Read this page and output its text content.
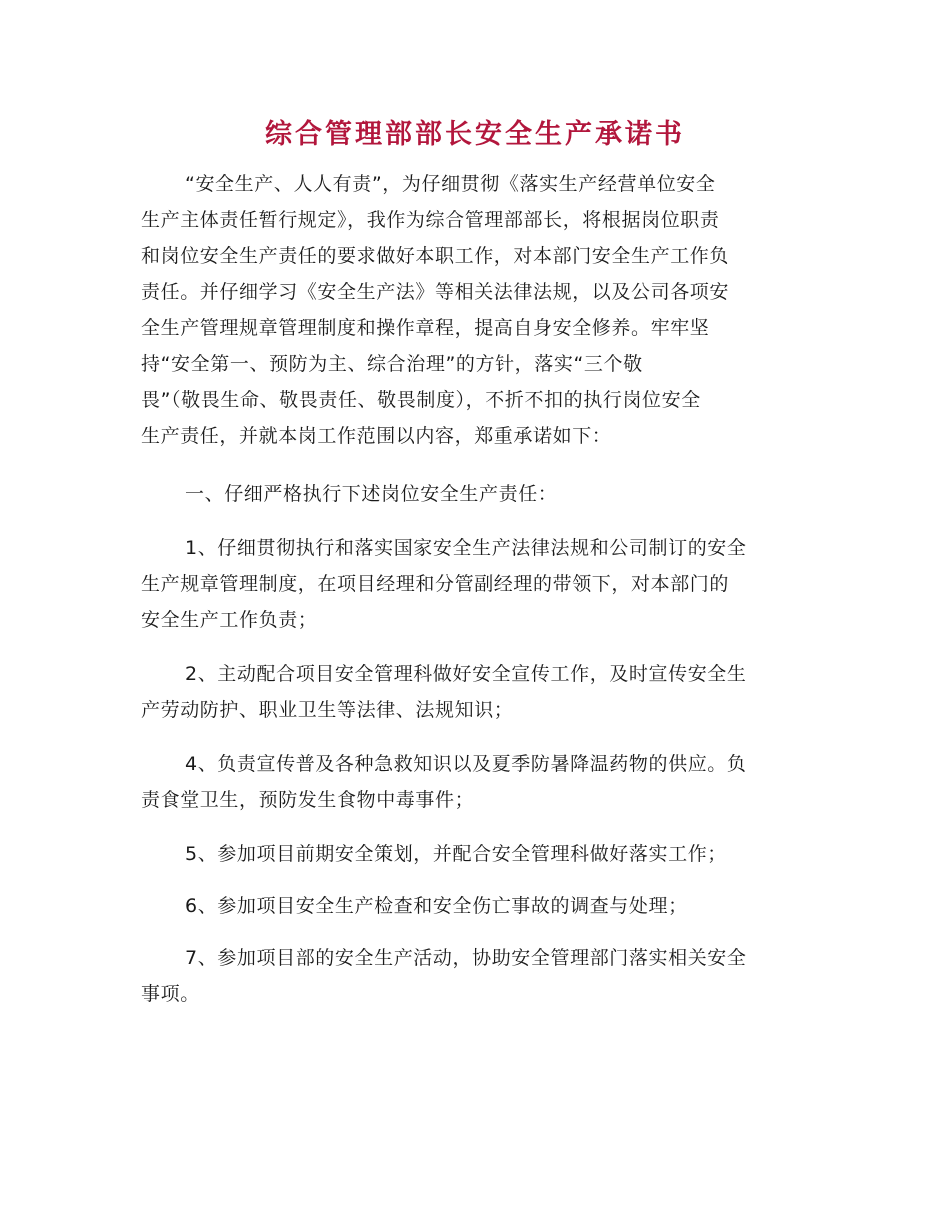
综合管理部部长安全生产承诺书

“安全生产、人人有责”，为仔细贯彻《落实生产经营单位安全
生产主体责任暂行规定》，我作为综合管理部部长，将根据岗位职责
和岗位安全生产责任的要求做好本职工作，对本部门安全生产工作负
责任。并仔细学习《安全生产法》等相关法律法规，以及公司各项安
全生产管理规章管理制度和操作章程，提高自身安全修养。牢牢坚
持“安全第一、预防为主、综合治理”的方针，落实“三个敬
畏”（敬畏生命、敬畏责任、敬畏制度），不折不扣的执行岗位安全
生产责任，并就本岗工作范围以内容，郑重承诺如下：

一、仔细严格执行下述岗位安全生产责任：

1、仔细贯彻执行和落实国家安全生产法律法规和公司制订的安全
生产规章管理制度，在项目经理和分管副经理的带领下，对本部门的
安全生产工作负责；

2、主动配合项目安全管理科做好安全宣传工作，及时宣传安全生
产劳动防护、职业卫生等法律、法规知识；

4、负责宣传普及各种急救知识以及夏季防暑降温药物的供应。负
责食堂卫生，预防发生食物中毒事件；

5、参加项目前期安全策划，并配合安全管理科做好落实工作；

6、参加项目安全生产检查和安全伤亡事故的调查与处理；

7、参加项目部的安全生产活动，协助安全管理部门落实相关安全
事项。
